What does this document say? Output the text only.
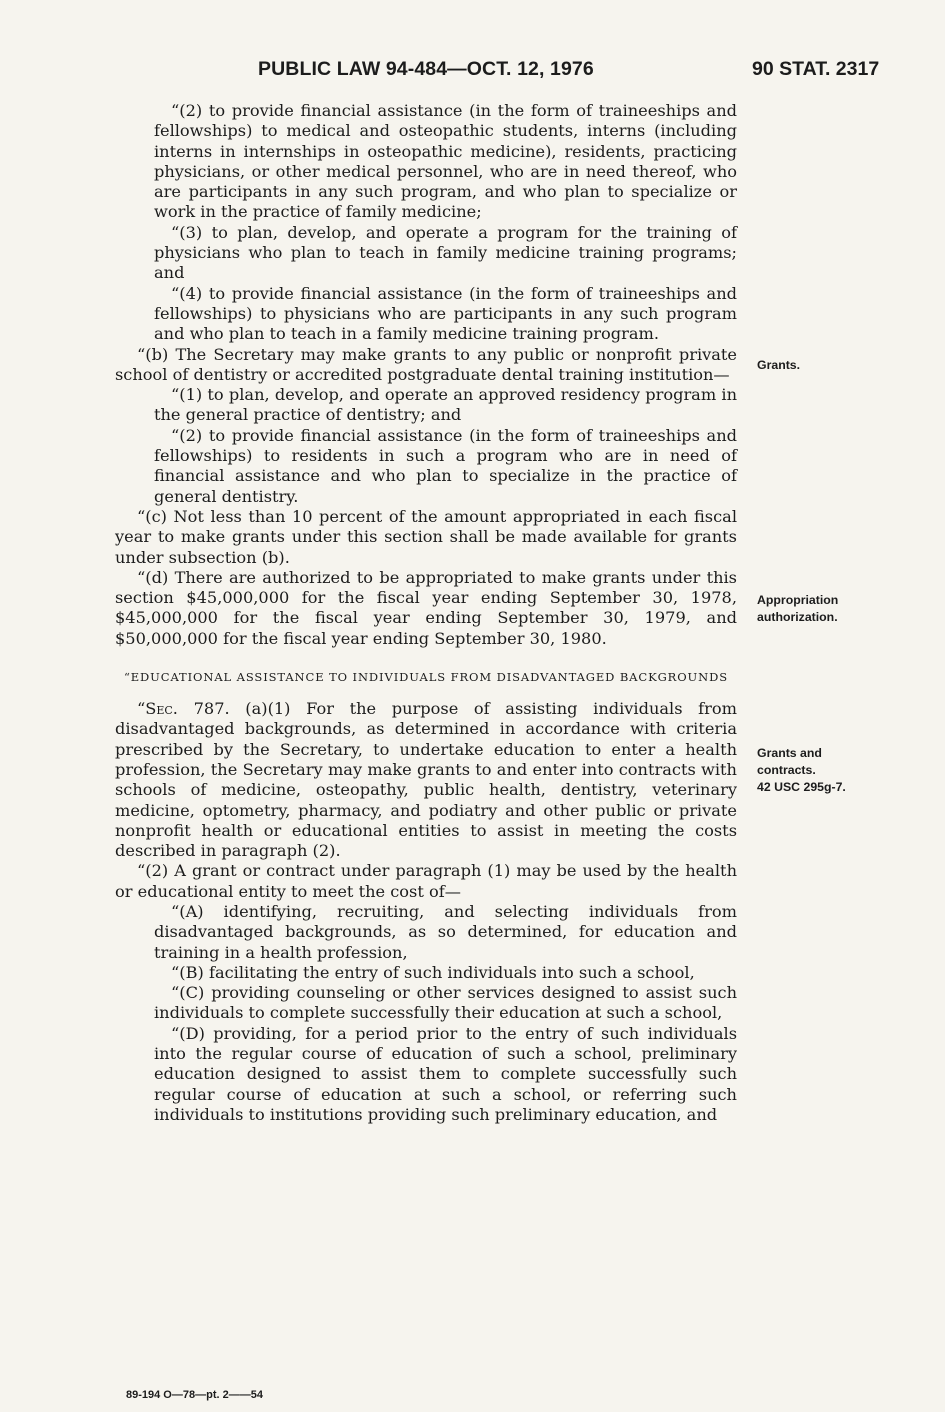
PUBLIC LAW 94-484—OCT. 12, 1976	90 STAT. 2317

“(2) to provide financial assistance (in the form of traineeships and fellowships) to medical and osteopathic students, interns (including interns in internships in osteopathic medicine), residents, practicing physicians, or other medical personnel, who are in need thereof, who are participants in any such program, and who plan to specialize or work in the practice of family medicine;

“(3) to plan, develop, and operate a program for the training of physicians who plan to teach in family medicine training programs; and

“(4) to provide financial assistance (in the form of traineeships and fellowships) to physicians who are participants in any such program and who plan to teach in a family medicine training program.

“(b) The Secretary may make grants to any public or nonprofit private school of dentistry or accredited postgraduate dental training institution—

“(1) to plan, develop, and operate an approved residency program in the general practice of dentistry; and

“(2) to provide financial assistance (in the form of traineeships and fellowships) to residents in such a program who are in need of financial assistance and who plan to specialize in the practice of general dentistry.

“(c) Not less than 10 percent of the amount appropriated in each fiscal year to make grants under this section shall be made available for grants under subsection (b).

“(d) There are authorized to be appropriated to make grants under this section $45,000,000 for the fiscal year ending September 30, 1978, $45,000,000 for the fiscal year ending September 30, 1979, and $50,000,000 for the fiscal year ending September 30, 1980.

“EDUCATIONAL ASSISTANCE TO INDIVIDUALS FROM DISADVANTAGED BACKGROUNDS

“Sec. 787. (a)(1) For the purpose of assisting individuals from disadvantaged backgrounds, as determined in accordance with criteria prescribed by the Secretary, to undertake education to enter a health profession, the Secretary may make grants to and enter into contracts with schools of medicine, osteopathy, public health, dentistry, veterinary medicine, optometry, pharmacy, and podiatry and other public or private nonprofit health or educational entities to assist in meeting the costs described in paragraph (2).

“(2) A grant or contract under paragraph (1) may be used by the health or educational entity to meet the cost of—

“(A) identifying, recruiting, and selecting individuals from disadvantaged backgrounds, as so determined, for education and training in a health profession,

“(B) facilitating the entry of such individuals into such a school,

“(C) providing counseling or other services designed to assist such individuals to complete successfully their education at such a school,

“(D) providing, for a period prior to the entry of such individuals into the regular course of education of such a school, preliminary education designed to assist them to complete successfully such regular course of education at such a school, or referring such individuals to institutions providing such preliminary education, and

Grants.
Appropriation
authorization.
Grants and
contracts.
42 USC 295g-7.
89-194 O—78—pt. 2——54
